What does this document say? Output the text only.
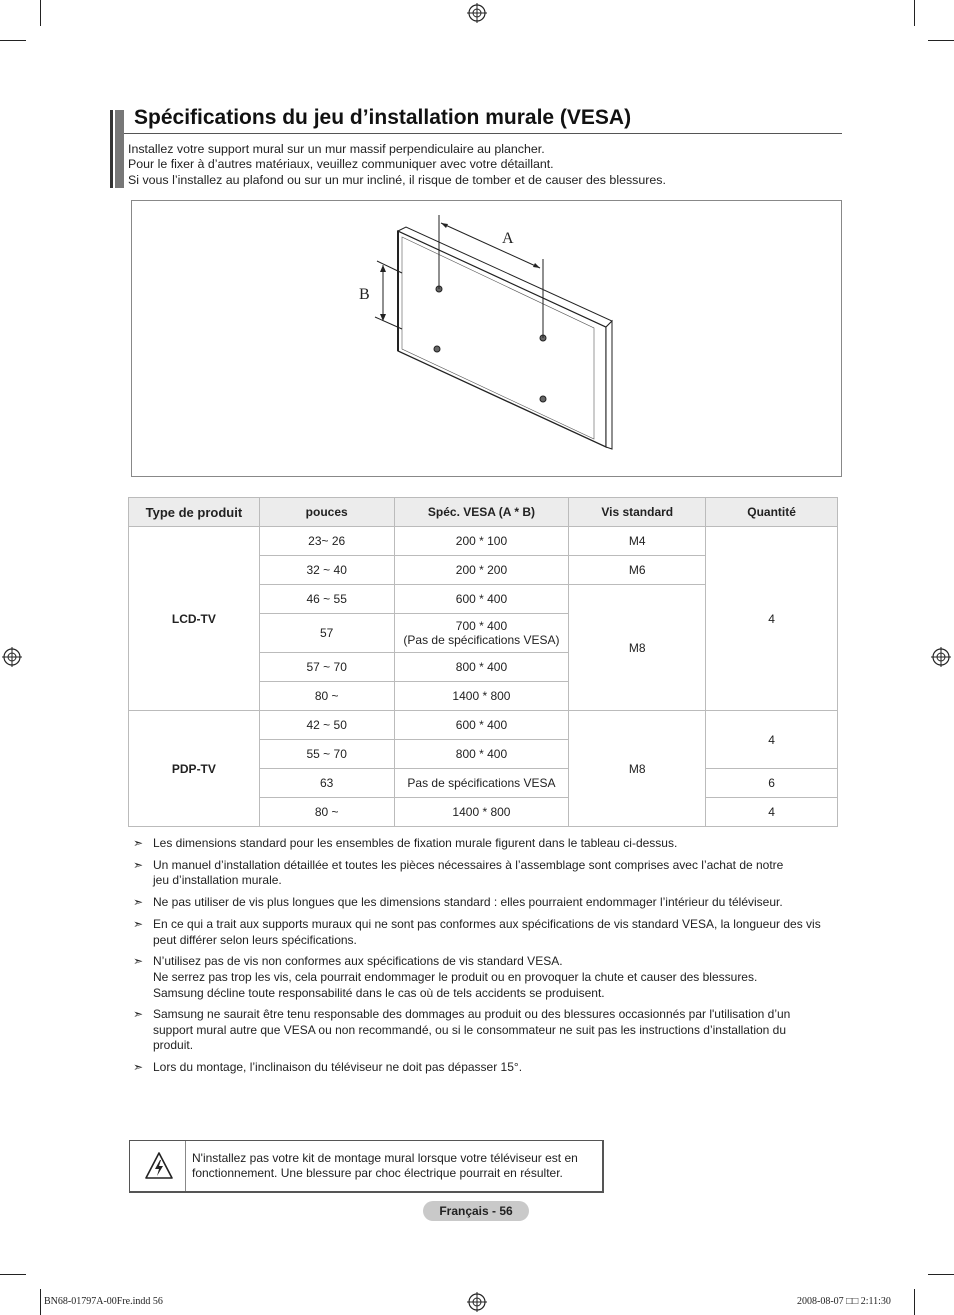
Spécifications du jeu d’installation murale (VESA)
Installez votre support mural sur un mur massif perpendiculaire au plancher.
Pour le fixer à d’autres matériaux, veuillez communiquer avec votre détaillant.
Si vous l’installez au plafond ou sur un mur incliné, il risque de tomber et de causer des blessures.
A
B
Type de produit	pouces	Spéc. VESA (A * B)	Vis standard	Quantité
LCD-TV	23~ 26	200 * 100	M4	4
	32 ~ 40	200 * 200	M6	
	46 ~ 55	600 * 400	M8	
	57	700 * 400
(Pas de spécifications VESA)		

	57 ~ 70	800 * 400		
	80 ~	1400 * 800		

PDP-TV	42 ~ 50	600 * 400	M8	4
	55 ~ 70	800 * 400		
	63	Pas de spécifications VESA		6
	80 ~	1400 * 800		4
➣ Les dimensions standard pour les ensembles de fixation murale figurent dans le tableau ci-dessus.
➣ Un manuel d’installation détaillée et toutes les pièces nécessaires à l’assemblage sont comprises avec l’achat de notre
jeu d’installation murale.
➣ Ne pas utiliser de vis plus longues que les dimensions standard : elles pourraient endommager l’intérieur du téléviseur.
➣ En ce qui a trait aux supports muraux qui ne sont pas conformes aux spécifications de vis standard VESA, la longueur des vis
peut différer selon leurs spécifications.
➣ N’utilisez pas de vis non conformes aux spécifications de vis standard VESA.
Ne serrez pas trop les vis, cela pourrait endommager le produit ou en provoquer la chute et causer des blessures.
Samsung décline toute responsabilité dans le cas où de tels accidents se produisent.
➣ Samsung ne saurait être tenu responsable des dommages au produit ou des blessures occasionnés par l'utilisation d’un
support mural autre que VESA ou non recommandé, ou si le consommateur ne suit pas les instructions d’installation du
produit.
➣ Lors du montage, l’inclinaison du téléviseur ne doit pas dépasser 15°.
N'installez pas votre kit de montage mural lorsque votre téléviseur est en
fonctionnement. Une blessure par choc électrique pourrait en résulter.
Français - 56
BN68-01797A-00Fre.indd 56	2008-08-07 □□ 2:11:30
